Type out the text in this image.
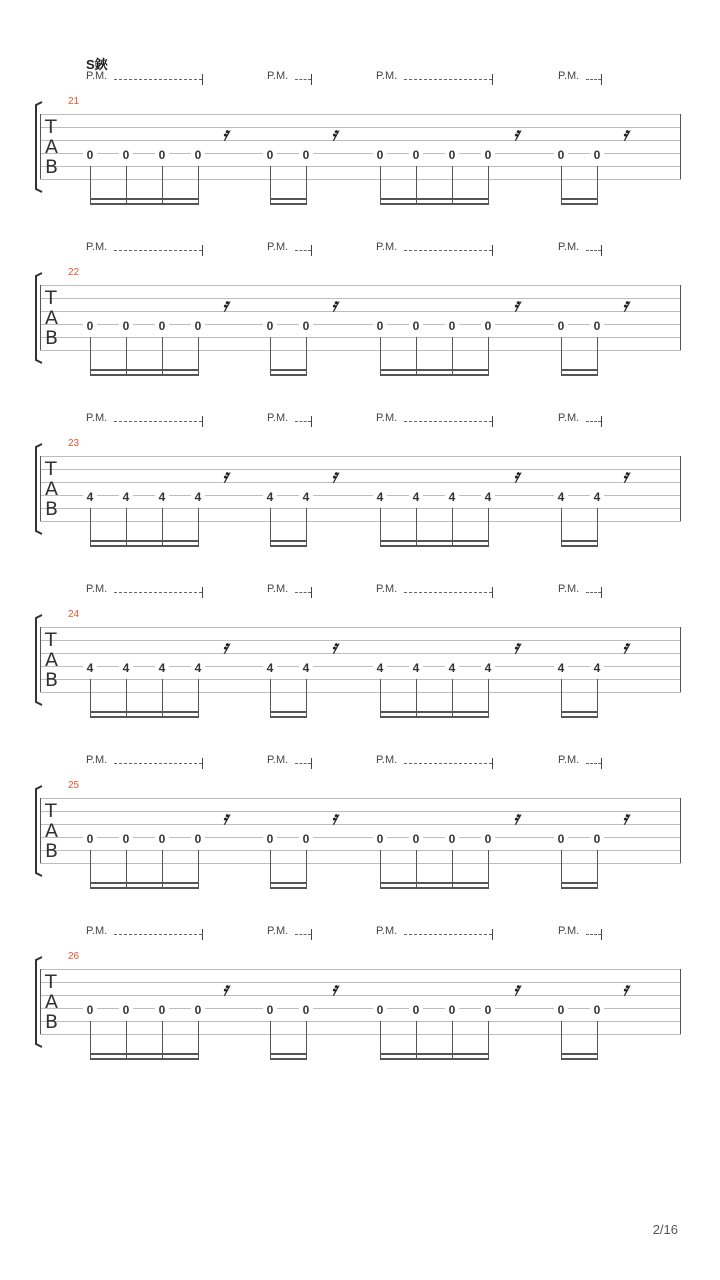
S鋏
P.M.	P.M.	P.M.	P.M.
21
T
A
B
𝄿	𝄿	𝄿	𝄿
0	0	0	0	0	0	0	0	0	0	0	0
P.M.	P.M.	P.M.	P.M.
22
T
A
B
𝄿	𝄿	𝄿	𝄿
0	0	0	0	0	0	0	0	0	0	0	0
P.M.	P.M.	P.M.	P.M.
23
T
A
B
𝄿	𝄿	𝄿	𝄿
4	4	4	4	4	4	4	4	4	4	4	4
P.M.	P.M.	P.M.	P.M.
24
T
A
B
𝄿	𝄿	𝄿	𝄿
4	4	4	4	4	4	4	4	4	4	4	4
P.M.	P.M.	P.M.	P.M.
25
T
A
B
𝄿	𝄿	𝄿	𝄿
0	0	0	0	0	0	0	0	0	0	0	0
P.M.	P.M.	P.M.	P.M.
26
T
A
B
𝄿	𝄿	𝄿	𝄿
0	0	0	0	0	0	0	0	0	0	0	0
2/16
